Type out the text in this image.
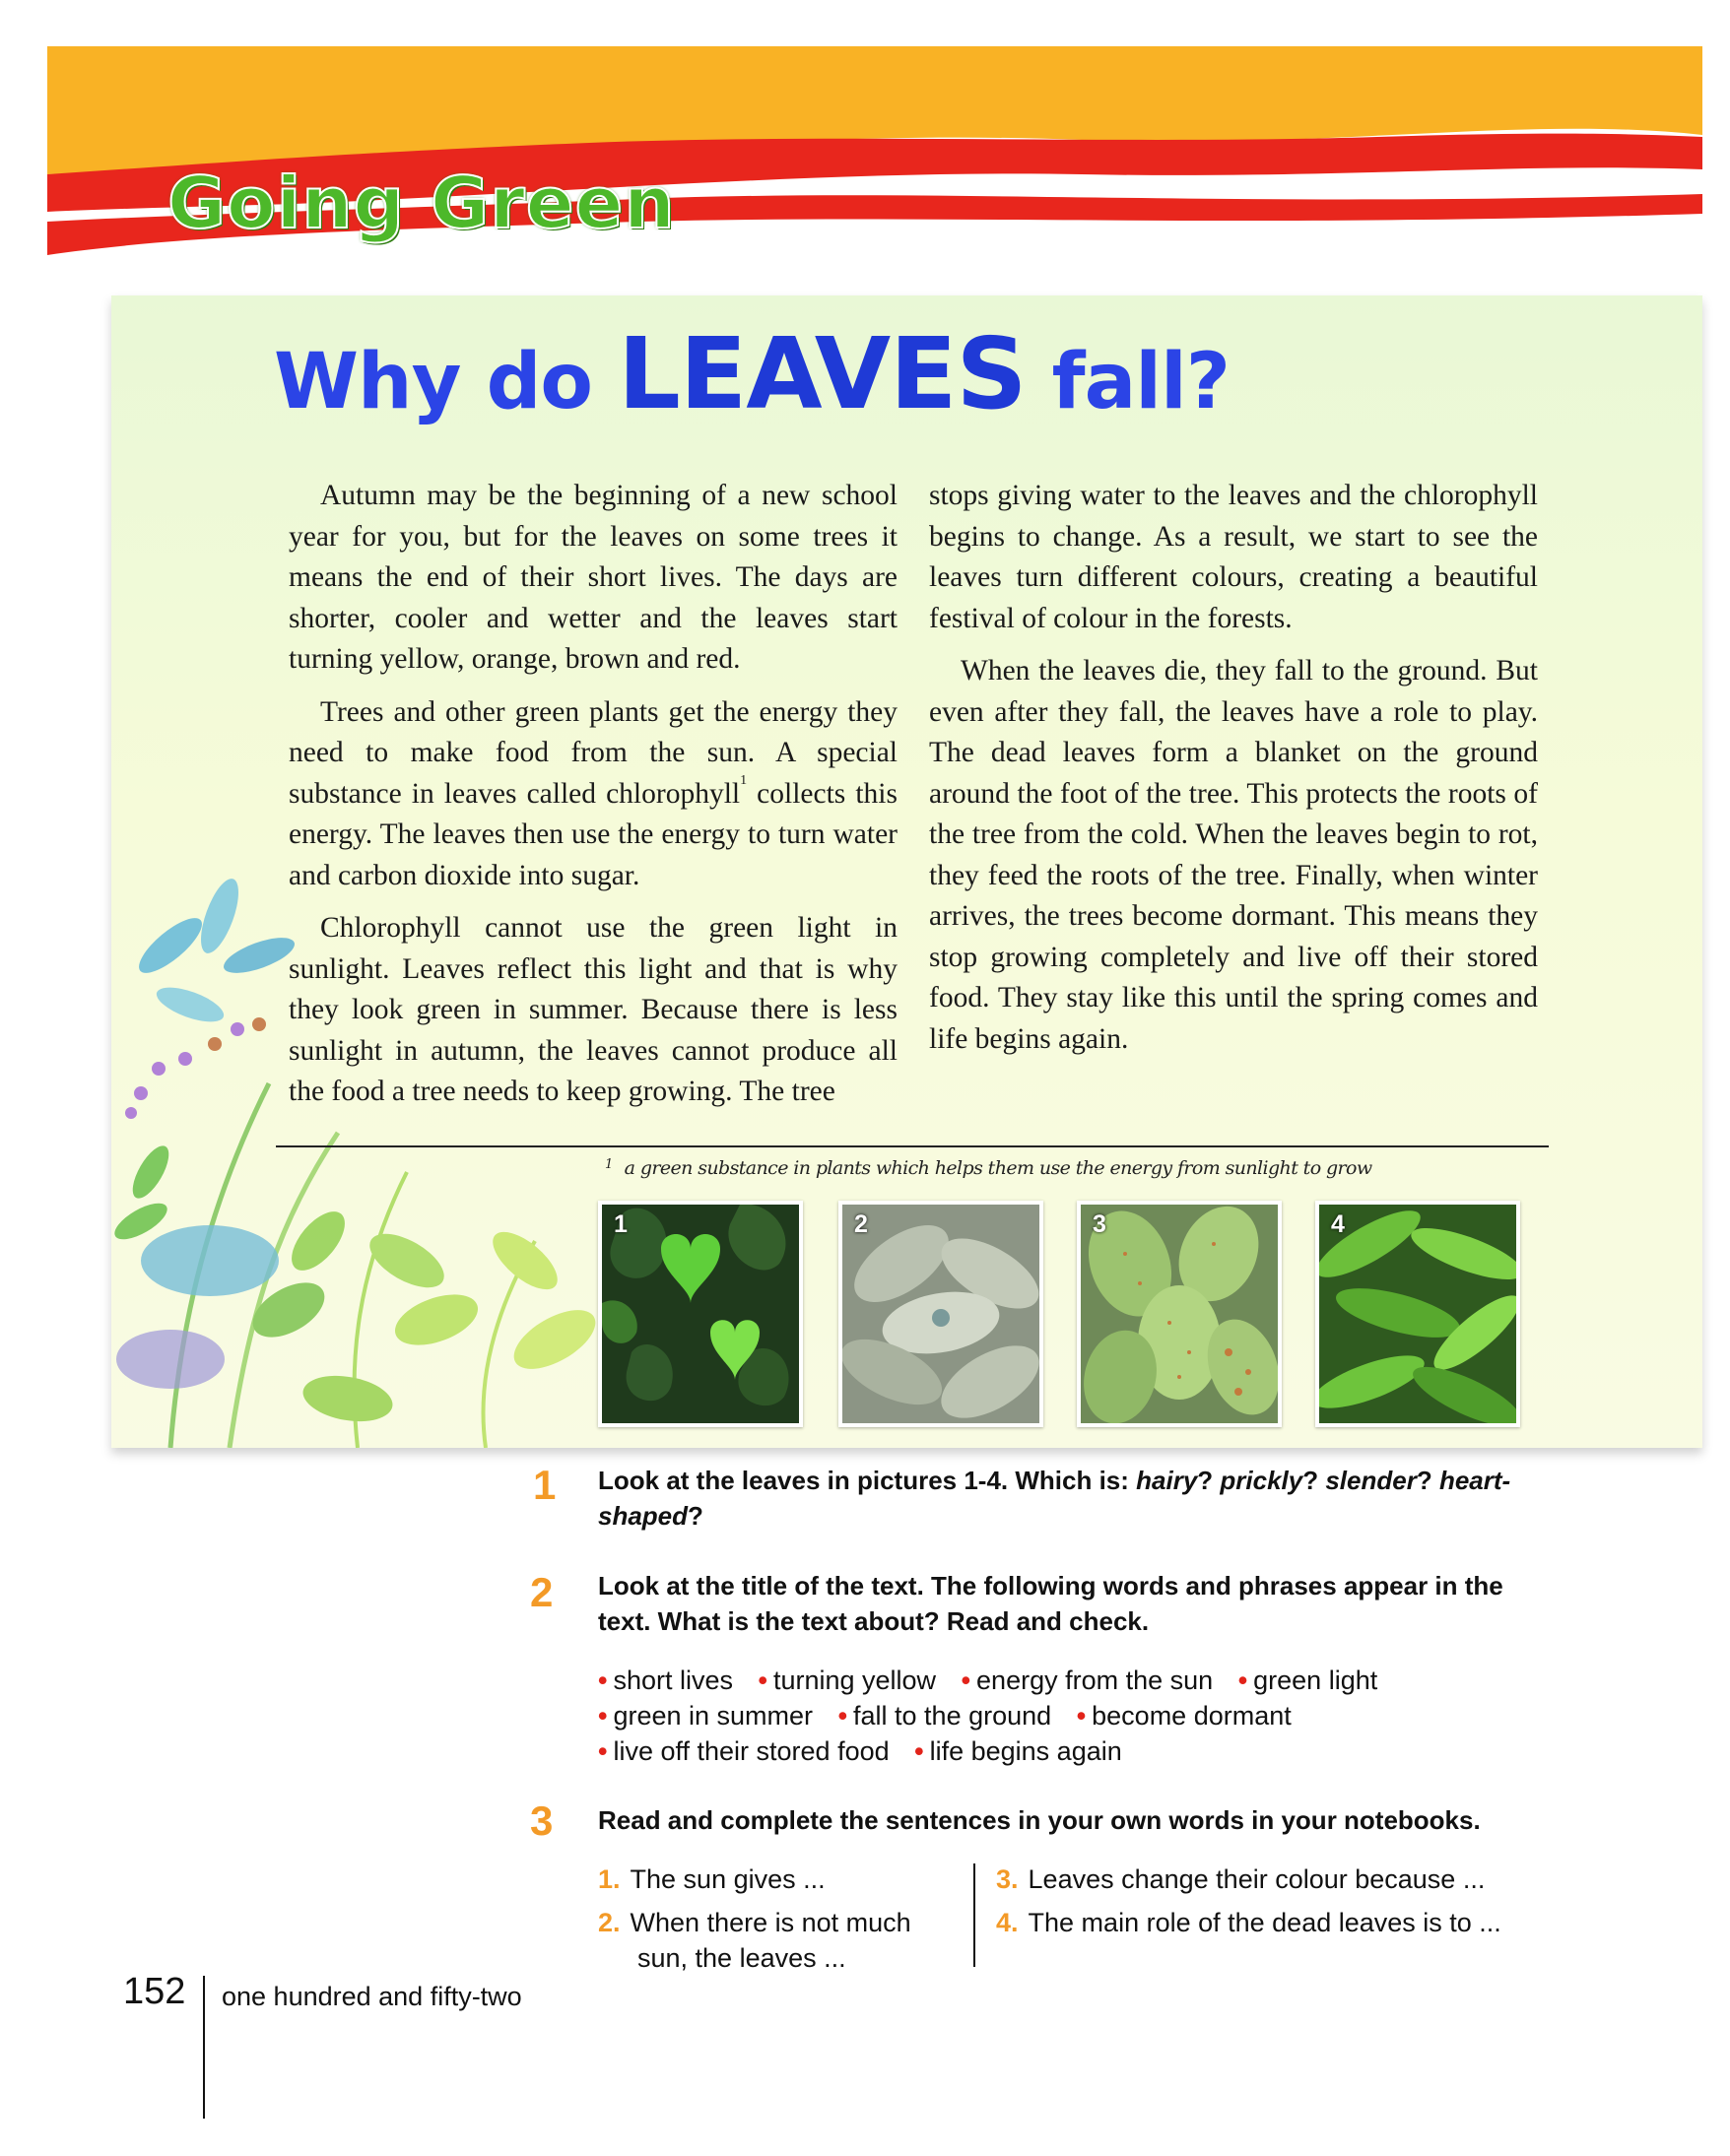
Going Green
Why do LEAVES fall?

Autumn may be the beginning of a new school year for you, but for the leaves on some trees it means the end of their short lives. The days are shorter, cooler and wetter and the leaves start turning yellow, orange, brown and red.

Trees and other green plants get the energy they need to make food from the sun. A special substance in leaves called chlorophyll$^1$ collects this energy. The leaves then use the energy to turn water and carbon dioxide into sugar.

Chlorophyll cannot use the green light in sunlight. Leaves reflect this light and that is why they look green in summer. Because there is less sunlight in autumn, the leaves cannot produce all the food a tree needs to keep growing. The tree

stops giving water to the leaves and the chlorophyll begins to change. As a result, we start to see the leaves turn different colours, creating a beautiful festival of colour in the forests.

When the leaves die, they fall to the ground. But even after they fall, the leaves have a role to play. The dead leaves form a blanket on the ground around the foot of the tree. This protects the roots of the tree from the cold. When the leaves begin to rot, they feed the roots of the tree. Finally, when winter arrives, the trees become dormant. This means they stop growing completely and live off their stored food. They stay like this until the spring comes and life begins again.

$^1$ a green substance in plants which helps them use the energy from sunlight to grow
1	2	3	4
1 Look at the leaves in pictures 1-4. Which is: hairy? prickly? slender? heart-shaped?
2 Look at the title of the text. The following words and phrases appear in the text. What is the text about? Read and check.
• short lives • turning yellow • energy from the sun • green light
• green in summer • fall to the ground • become dormant
• live off their stored food • life begins again
3 Read and complete the sentences in your own words in your notebooks.
1. The sun gives ...
2. When there is not much
sun, the leaves ...
3. Leaves change their colour because ...
4. The main role of the dead leaves is to ...
152 one hundred and fifty-two
